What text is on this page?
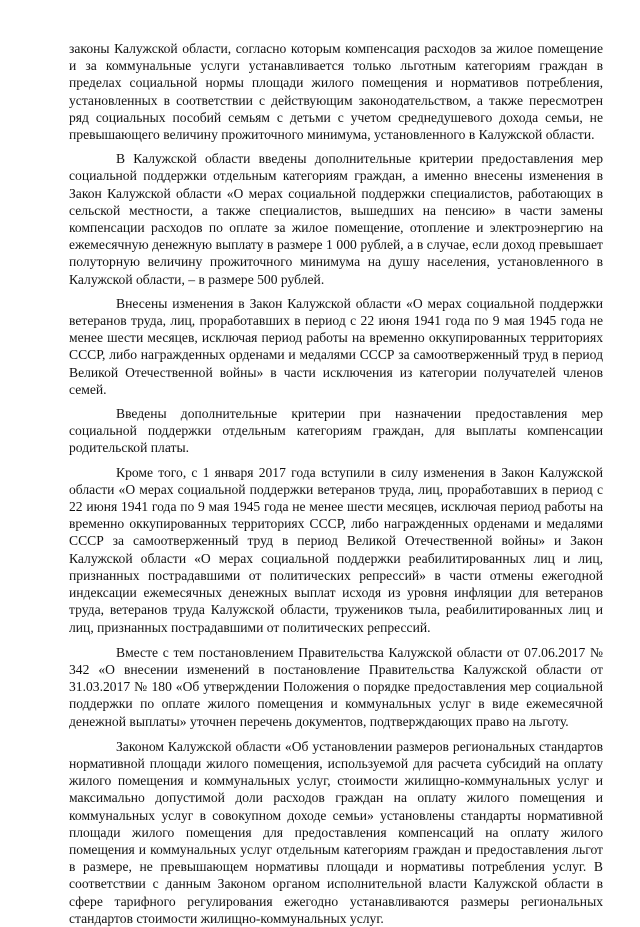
законы Калужской области, согласно которым компенсация расходов за жилое помещение и за коммунальные услуги устанавливается только льготным категориям граждан в пределах социальной нормы площади жилого помещения и нормативов потребления, установленных в соответствии с действующим законодательством, а также пересмотрен ряд социальных пособий семьям с детьми с учетом среднедушевого дохода семьи, не превышающего величину прожиточного минимума, установленного в Калужской области.

В Калужской области введены дополнительные критерии предоставления мер социальной поддержки отдельным категориям граждан, а именно внесены изменения в Закон Калужской области «О мерах социальной поддержки специалистов, работающих в сельской местности, а также специалистов, вышедших на пенсию» в части замены компенсации расходов по оплате за жилое помещение, отопление и электроэнергию на ежемесячную денежную выплату в размере 1 000 рублей, а в случае, если доход превышает полуторную величину прожиточного минимума на душу населения, установленного в Калужской области, – в размере 500 рублей.

Внесены изменения в Закон Калужской области «О мерах социальной поддержки ветеранов труда, лиц, проработавших в период с 22 июня 1941 года по 9 мая 1945 года не менее шести месяцев, исключая период работы на временно оккупированных территориях СССР, либо награжденных орденами и медалями СССР за самоотверженный труд в период Великой Отечественной войны» в части исключения из категории получателей членов семей.

Введены дополнительные критерии при назначении предоставления мер социальной поддержки отдельным категориям граждан, для выплаты компенсации родительской платы.

Кроме того, с 1 января 2017 года вступили в силу изменения в Закон Калужской области «О мерах социальной поддержки ветеранов труда, лиц, проработавших в период с 22 июня 1941 года по 9 мая 1945 года не менее шести месяцев, исключая период работы на временно оккупированных территориях СССР, либо награжденных орденами и медалями СССР за самоотверженный труд в период Великой Отечественной войны» и Закон Калужской области «О мерах социальной поддержки реабилитированных лиц и лиц, признанных пострадавшими от политических репрессий» в части отмены ежегодной индексации ежемесячных денежных выплат исходя из уровня инфляции для ветеранов труда, ветеранов труда Калужской области, тружеников тыла, реабилитированных лиц и лиц, признанных пострадавшими от политических репрессий.

Вместе с тем постановлением Правительства Калужской области от 07.06.2017 № 342 «О внесении изменений в постановление Правительства Калужской области от 31.03.2017 № 180 «Об утверждении Положения о порядке предоставления мер социальной поддержки по оплате жилого помещения и коммунальных услуг в виде ежемесячной денежной выплаты» уточнен перечень документов, подтверждающих право на льготу.

Законом Калужской области «Об установлении размеров региональных стандартов нормативной площади жилого помещения, используемой для расчета субсидий на оплату жилого помещения и коммунальных услуг, стоимости жилищно-коммунальных услуг и максимально допустимой доли расходов граждан на оплату жилого помещения и коммунальных услуг в совокупном доходе семьи» установлены стандарты нормативной площади жилого помещения для предоставления компенсаций на оплату жилого помещения и коммунальных услуг отдельным категориям граждан и предоставления льгот в размере, не превышающем нормативы площади и нормативы потребления услуг. В соответствии с данным Законом органом исполнительной власти Калужской области в сфере тарифного регулирования ежегодно устанавливаются размеры региональных стандартов стоимости жилищно-коммунальных услуг.
